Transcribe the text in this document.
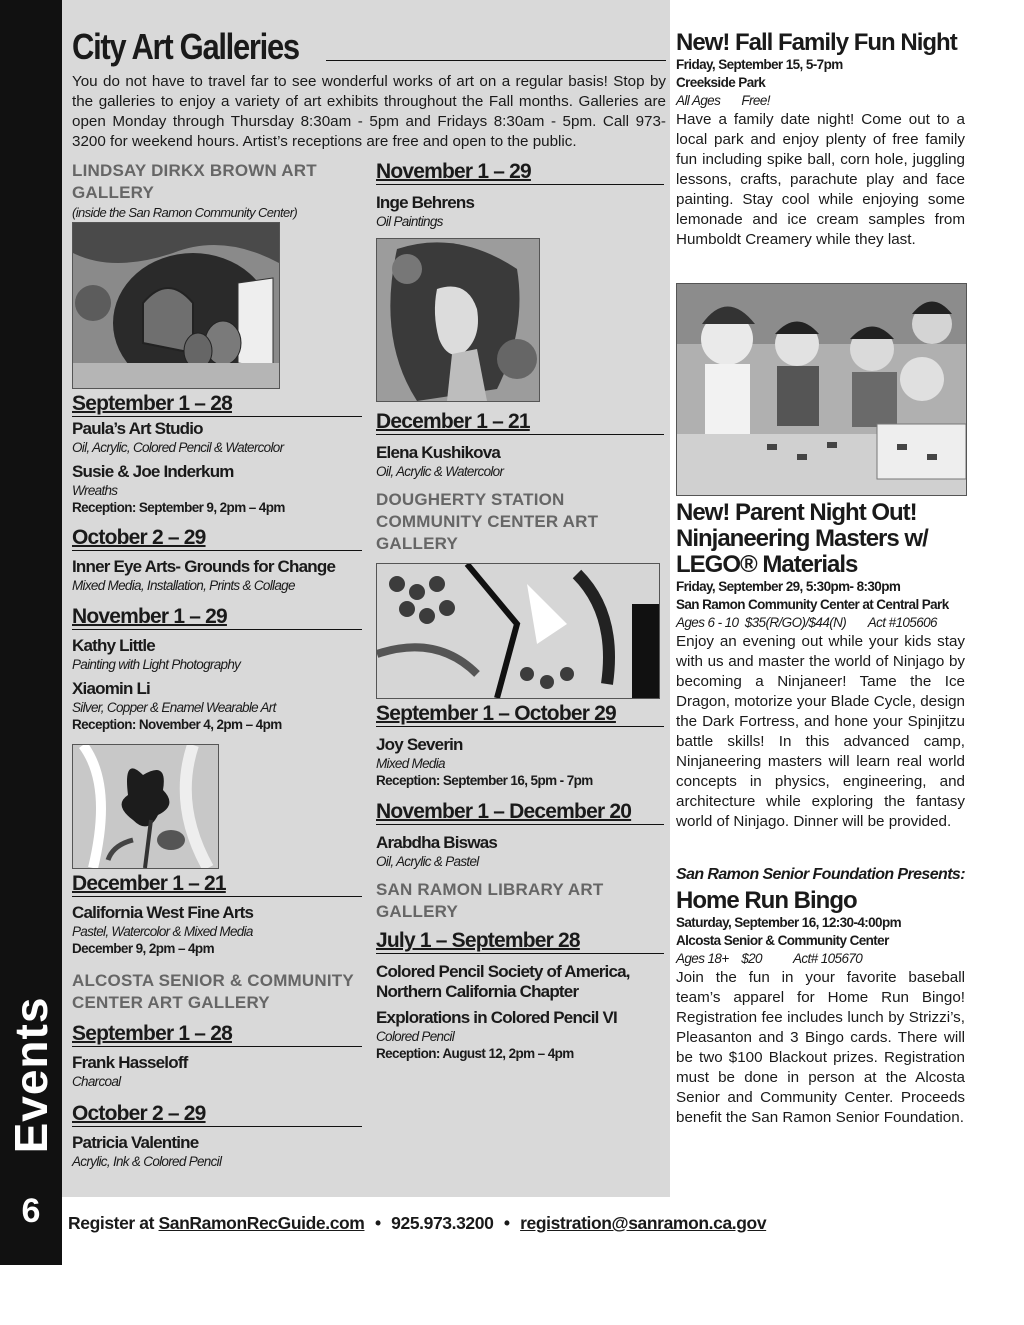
Events
6
City Art Galleries
You do not have to travel far to see wonderful works of art on a regular basis! Stop by the galleries to enjoy a variety of art exhibits throughout the Fall months. Galleries are open Monday through Thursday 8:30am - 5pm and Fridays 8:30am - 5pm. Call 973-3200 for weekend hours. Artist’s receptions are free and open to the public.
LINDSAY DIRKX BROWN ART GALLERY
(inside the San Ramon Community Center)
September 1 – 28
Paula’s Art Studio
Oil, Acrylic, Colored Pencil & Watercolor
Susie & Joe Inderkum
Wreaths
Reception: September 9, 2pm – 4pm
October 2 – 29
Inner Eye Arts- Grounds for Change
Mixed Media, Installation, Prints & Collage
November 1 – 29
Kathy Little
Painting with Light Photography
Xiaomin Li
Silver, Copper & Enamel Wearable Art
Reception: November 4, 2pm – 4pm
December 1 – 21
California West Fine Arts
Pastel, Watercolor & Mixed Media
December 9, 2pm – 4pm
ALCOSTA SENIOR & COMMUNITY CENTER ART GALLERY
September 1 – 28
Frank Hasseloff
Charcoal
October 2 – 29
Patricia Valentine
Acrylic, Ink & Colored Pencil
November 1 – 29
Inge Behrens
Oil Paintings
December 1 – 21
Elena Kushikova
Oil, Acrylic & Watercolor
DOUGHERTY STATION COMMUNITY CENTER ART GALLERY
September 1 – October 29
Joy Severin
Mixed Media
Reception: September 16, 5pm - 7pm
November 1 – December 20
Arabdha Biswas
Oil, Acrylic & Pastel
SAN RAMON LIBRARY ART GALLERY
July 1 – September 28
Colored Pencil Society of America, Northern California Chapter
Explorations in Colored Pencil VI
Colored Pencil
Reception: August 12, 2pm – 4pm
New! Fall Family Fun Night
Friday, September 15, 5-7pm
Creekside Park
All Ages Free!
Have a family date night! Come out to a local park and enjoy plenty of free family fun including spike ball, corn hole, juggling lessons, crafts, parachute play and face painting. Stay cool while enjoying some lemonade and ice cream samples from Humboldt Creamery while they last.
New! Parent Night Out!
Ninjaneering Masters w/
LEGO® Materials
Friday, September 29, 5:30pm- 8:30pm
San Ramon Community Center at Central Park
Ages 6 - 10  $35(R/GO)/$44(N)       Act #105606
Enjoy an evening out while your kids stay with us and master the world of Ninjago by becoming a Ninjaneer! Tame the Ice Dragon, motorize your Blade Cycle, design the Dark Fortress, and hone your Spinjitzu battle skills! In this advanced camp, Ninjaneering masters will learn real world concepts in physics, engineering, and architecture while exploring the fantasy world of Ninjago. Dinner will be provided.
San Ramon Senior Foundation Presents:
Home Run Bingo
Saturday, September 16, 12:30-4:00pm
Alcosta Senior & Community Center
Ages 18+    $20          Act# 105670
Join the fun in your favorite baseball team’s apparel for Home Run Bingo! Registration fee includes lunch by Strizzi’s, Pleasanton and 3 Bingo cards. There will be two $100 Blackout prizes. Registration must be done in person at the Alcosta Senior and Community Center. Proceeds benefit the San Ramon Senior Foundation.
Register at SanRamonRecGuide.com • 925.973.3200 • registration@sanramon.ca.gov
